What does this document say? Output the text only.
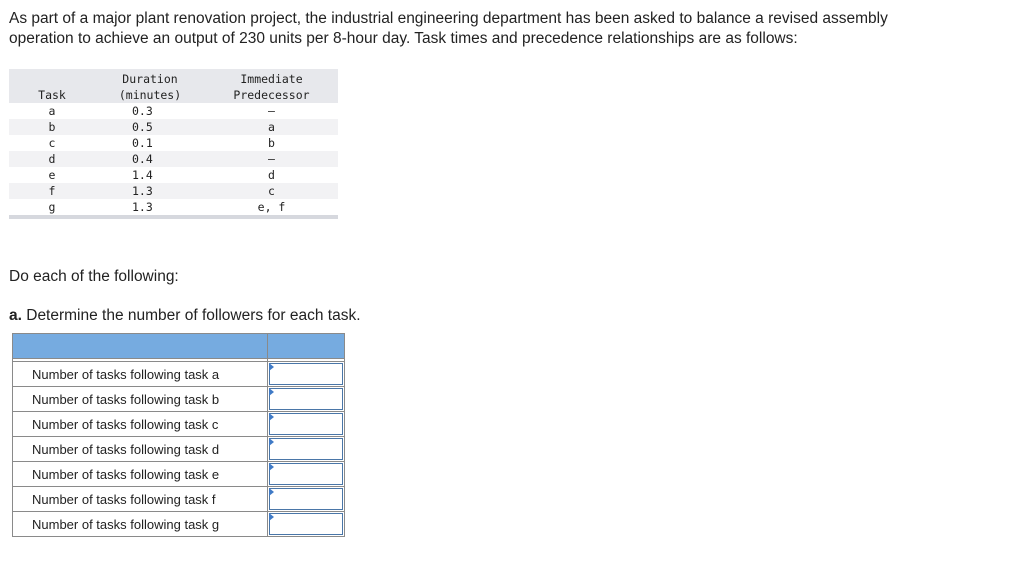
As part of a major plant renovation project, the industrial engineering department has been asked to balance a revised assembly
operation to achieve an output of 230 units per 8-hour day. Task times and precedence relationships are as follows:

	Duration	Immediate
Task	(minutes)	Predecessor
a	0.3	–
b	0.5	a
c	0.1	b
d	0.4	–
e	1.4	d
f	1.3	c
g	1.3	e, f

Do each of the following:

a. Determine the number of followers for each task.

Number of tasks following task a	

Number of tasks following task b	

Number of tasks following task c	

Number of tasks following task d	

Number of tasks following task e	

Number of tasks following task f	

Number of tasks following task g	
